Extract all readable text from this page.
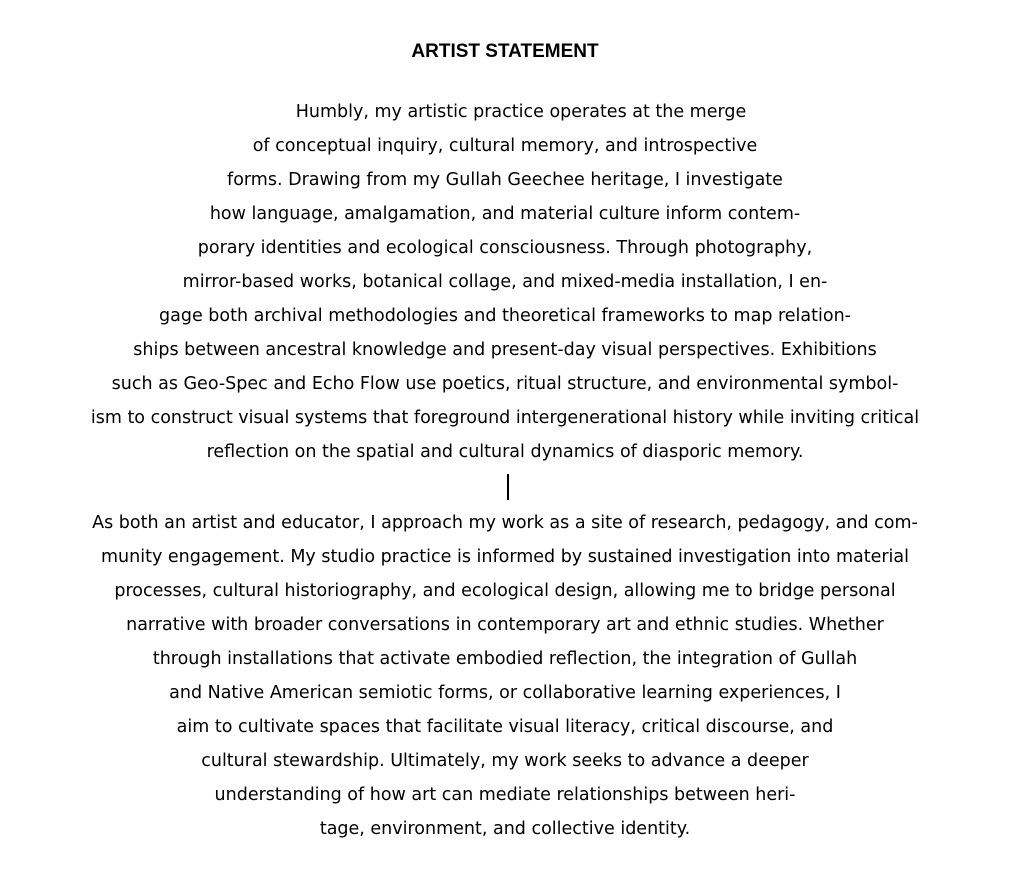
ARTIST STATEMENT
Humbly, my artistic practice operates at the merge
of conceptual inquiry, cultural memory, and introspective
forms. Drawing from my Gullah Geechee heritage, I investigate
how language, amalgamation, and material culture inform contem-
porary identities and ecological consciousness. Through photography,
mirror-based works, botanical collage, and mixed-media installation, I en-
gage both archival methodologies and theoretical frameworks to map relation-
ships between ancestral knowledge and present-day visual perspectives. Exhibitions
such as Geo-Spec and Echo Flow use poetics, ritual structure, and environmental symbol-
ism to construct visual systems that foreground intergenerational history while inviting critical
reflection on the spatial and cultural dynamics of diasporic memory.
As both an artist and educator, I approach my work as a site of research, pedagogy, and com-
munity engagement. My studio practice is informed by sustained investigation into material
processes, cultural historiography, and ecological design, allowing me to bridge personal
narrative with broader conversations in contemporary art and ethnic studies. Whether
through installations that activate embodied reflection, the integration of Gullah
and Native American semiotic forms, or collaborative learning experiences, I
aim to cultivate spaces that facilitate visual literacy, critical discourse, and
cultural stewardship. Ultimately, my work seeks to advance a deeper
understanding of how art can mediate relationships between heri-
tage, environment, and collective identity.
